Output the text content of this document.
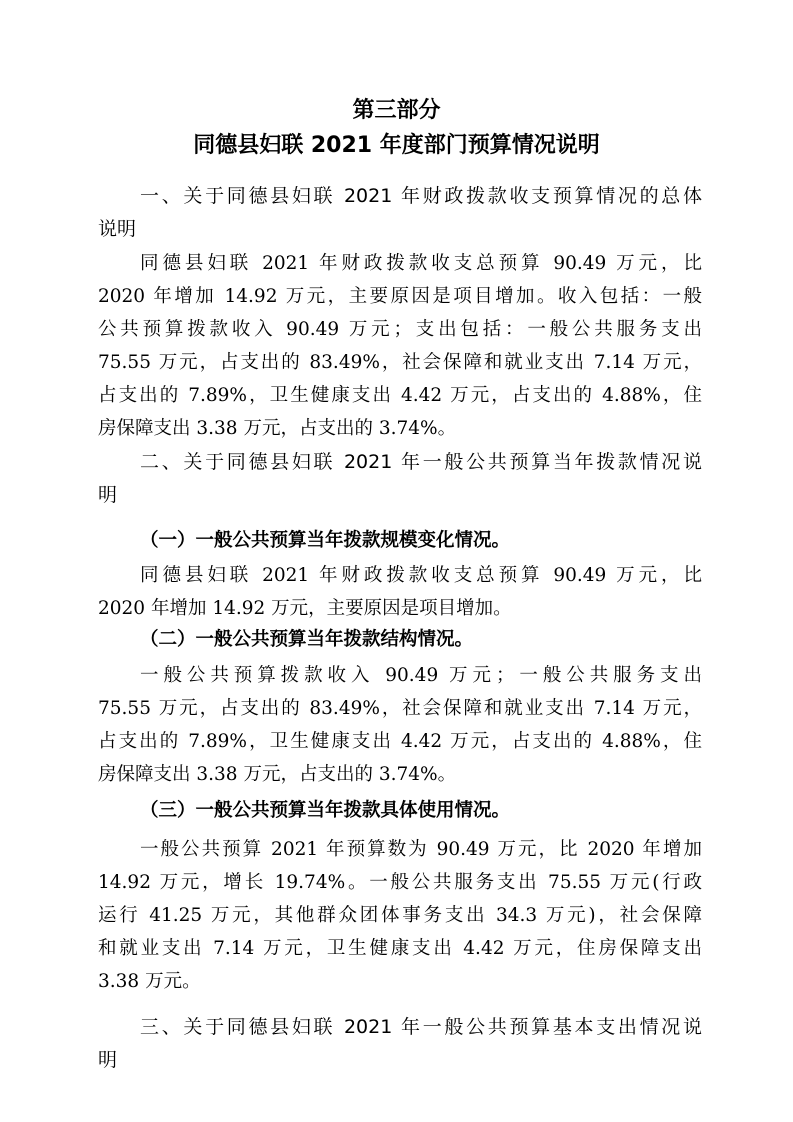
第三部分
同德县妇联 2021 年度部门预算情况说明
一、关于同德县妇联 2021 年财政拨款收支预算情况的总体
说明
同德县妇联 2021 年财政拨款收支总预算 90.49 万元，比
2020 年增加 14.92 万元，主要原因是项目增加。收入包括：一般
公共预算拨款收入 90.49 万元；支出包括：一般公共服务支出
75.55 万元，占支出的 83.49%，社会保障和就业支出 7.14 万元，
占支出的 7.89%，卫生健康支出 4.42 万元，占支出的 4.88%，住
房保障支出 3.38 万元，占支出的 3.74%。
二、关于同德县妇联 2021 年一般公共预算当年拨款情况说
明
（一）一般公共预算当年拨款规模变化情况。
同德县妇联 2021 年财政拨款收支总预算 90.49 万元，比
2020 年增加 14.92 万元，主要原因是项目增加。
（二）一般公共预算当年拨款结构情况。
一般公共预算拨款收入 90.49 万元；一般公共服务支出
75.55 万元，占支出的 83.49%，社会保障和就业支出 7.14 万元，
占支出的 7.89%，卫生健康支出 4.42 万元，占支出的 4.88%，住
房保障支出 3.38 万元，占支出的 3.74%。
（三）一般公共预算当年拨款具体使用情况。
一般公共预算 2021 年预算数为 90.49 万元，比 2020 年增加
14.92 万元，增长 19.74%。一般公共服务支出 75.55 万元(行政
运行 41.25 万元，其他群众团体事务支出 34.3 万元)，社会保障
和就业支出 7.14 万元，卫生健康支出 4.42 万元，住房保障支出
3.38 万元。
三、关于同德县妇联 2021 年一般公共预算基本支出情况说
明
